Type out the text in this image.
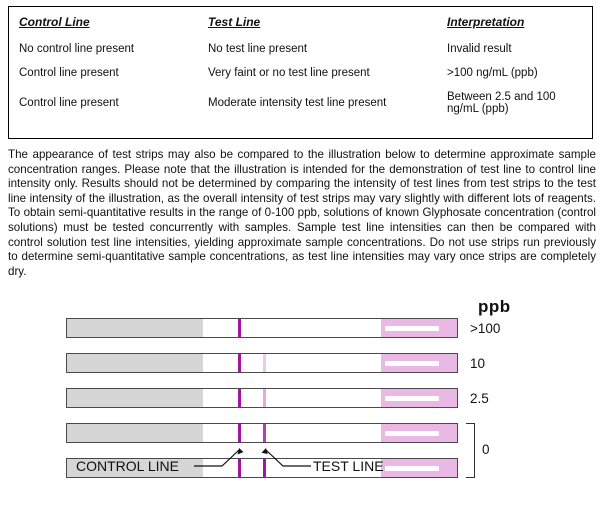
Control Line	Test Line	Interpretation
No control line present	No test line present	Invalid result
Control line present	Very faint or no test line present	>100 ng/mL (ppb)
Control line present	Moderate intensity test line present	Between 2.5 and 100 ng/mL (ppb)

The appearance of test strips may also be compared to the illustration below to determine approximate sample concentration ranges. Please note that the illustration is intended for the demonstration of test line to control line intensity only. Results should not be determined by comparing the intensity of test lines from test strips to the test line intensity of the illustration, as the overall intensity of test strips may vary slightly with different lots of reagents. To obtain semi-quantitative results in the range of 0-100 ppb, solutions of known Glyphosate concentration (control solutions) must be tested concurrently with samples. Sample test line intensities can then be compared with control solution test line intensities, yielding approximate sample concentrations. Do not use strips run previously to determine semi-quantitative sample concentrations, as test line intensities may vary once strips are completely dry.

ppb
>100
10
2.5
0
CONTROL LINE	TEST LINE
